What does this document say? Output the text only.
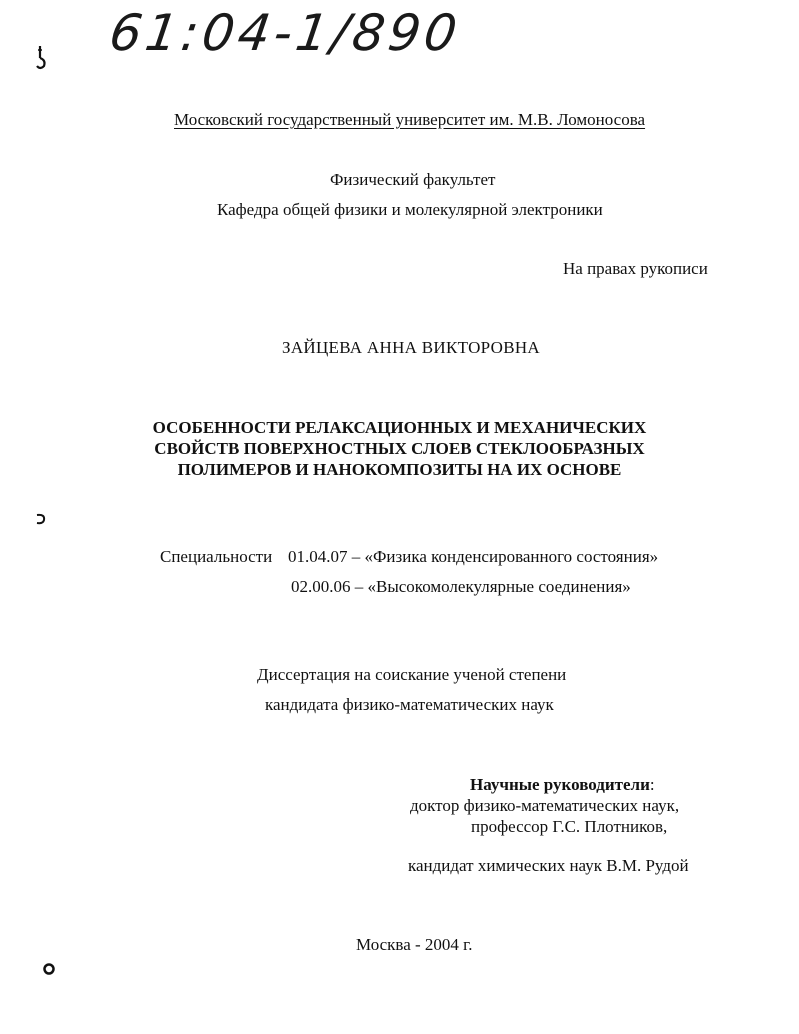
61:04-1/890
Московский государственный университет им. М.В. Ломоносова
Физический факультет
Кафедра общей физики и молекулярной электроники
На правах рукописи
ЗАЙЦЕВА АННА ВИКТОРОВНА
ОСОБЕННОСТИ РЕЛАКСАЦИОННЫХ И МЕХАНИЧЕСКИХ
СВОЙСТВ ПОВЕРХНОСТНЫХ СЛОЕВ СТЕКЛООБРАЗНЫХ
ПОЛИМЕРОВ И НАНОКОМПОЗИТЫ НА ИХ ОСНОВЕ
Специальности 01.04.07 – «Физика конденсированного состояния»
02.00.06 – «Высокомолекулярные соединения»
Диссертация на соискание ученой степени
кандидата физико-математических наук
Научные руководители:
доктор физико-математических наук,
профессор Г.С. Плотников,
кандидат химических наук В.М. Рудой
Москва - 2004 г.
